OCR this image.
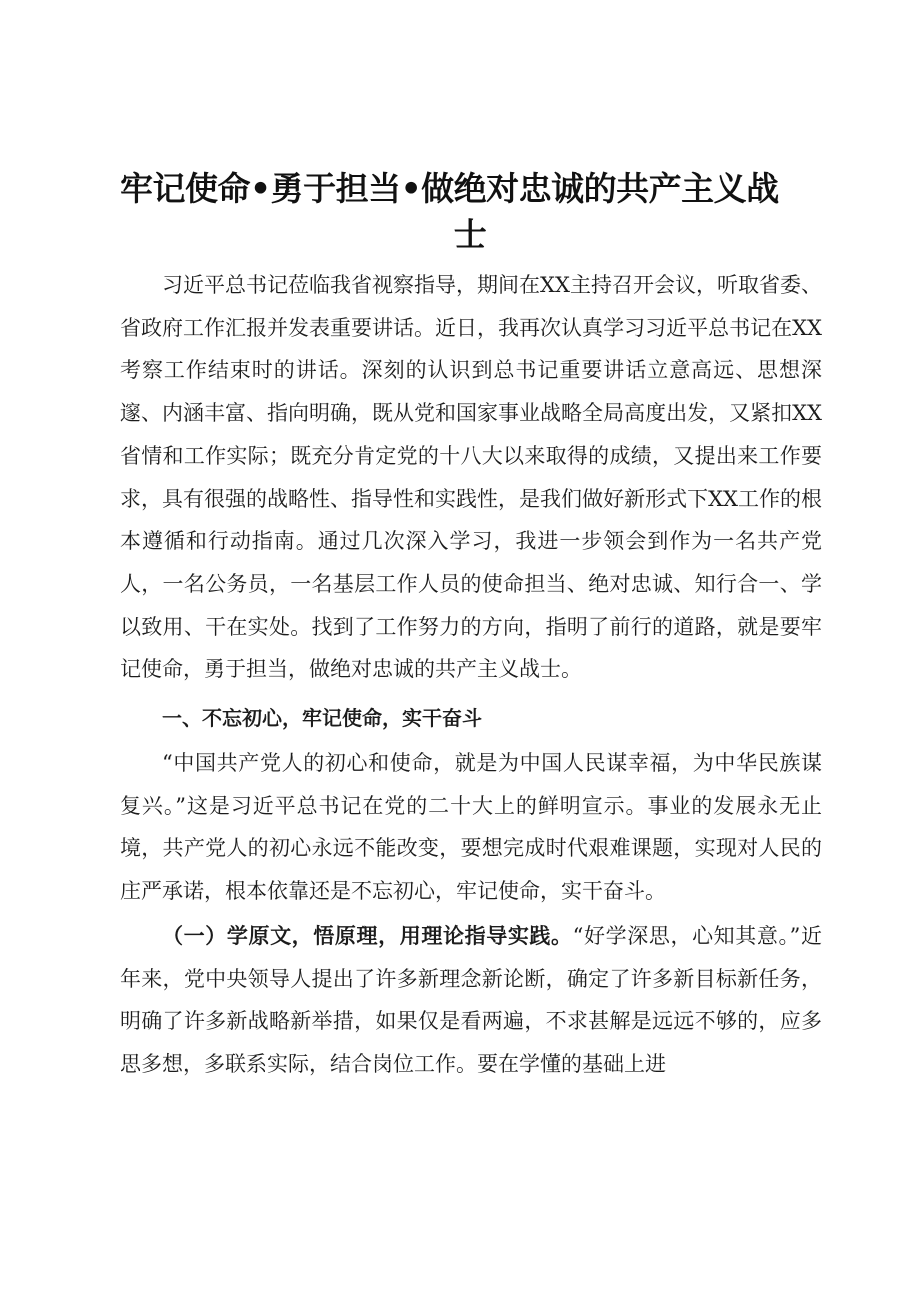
牢记使命•勇于担当•做绝对忠诚的共产主义战
士

习近平总书记莅临我省视察指导，期间在XX主持召开会议，听取省委、省政府工作汇报并发表重要讲话。近日，我再次认真学习习近平总书记在XX考察工作结束时的讲话。深刻的认识到总书记重要讲话立意高远、思想深邃、内涵丰富、指向明确，既从党和国家事业战略全局高度出发，又紧扣XX省情和工作实际；既充分肯定党的十八大以来取得的成绩，又提出来工作要求，具有很强的战略性、指导性和实践性，是我们做好新形式下XX工作的根本遵循和行动指南。通过几次深入学习，我进一步领会到作为一名共产党人，一名公务员，一名基层工作人员的使命担当、绝对忠诚、知行合一、学以致用、干在实处。找到了工作努力的方向，指明了前行的道路，就是要牢记使命，勇于担当，做绝对忠诚的共产主义战士。

一、不忘初心，牢记使命，实干奋斗

“中国共产党人的初心和使命，就是为中国人民谋幸福，为中华民族谋复兴。”这是习近平总书记在党的二十大上的鲜明宣示。事业的发展永无止境，共产党人的初心永远不能改变，要想完成时代艰难课题，实现对人民的庄严承诺，根本依靠还是不忘初心，牢记使命，实干奋斗。

（一）学原文，悟原理，用理论指导实践。“好学深思，心知其意。”近年来，党中央领导人提出了许多新理念新论断，确定了许多新目标新任务，明确了许多新战略新举措，如果仅是看两遍，不求甚解是远远不够的，应多思多想，多联系实际，结合岗位工作。要在学懂的基础上进
